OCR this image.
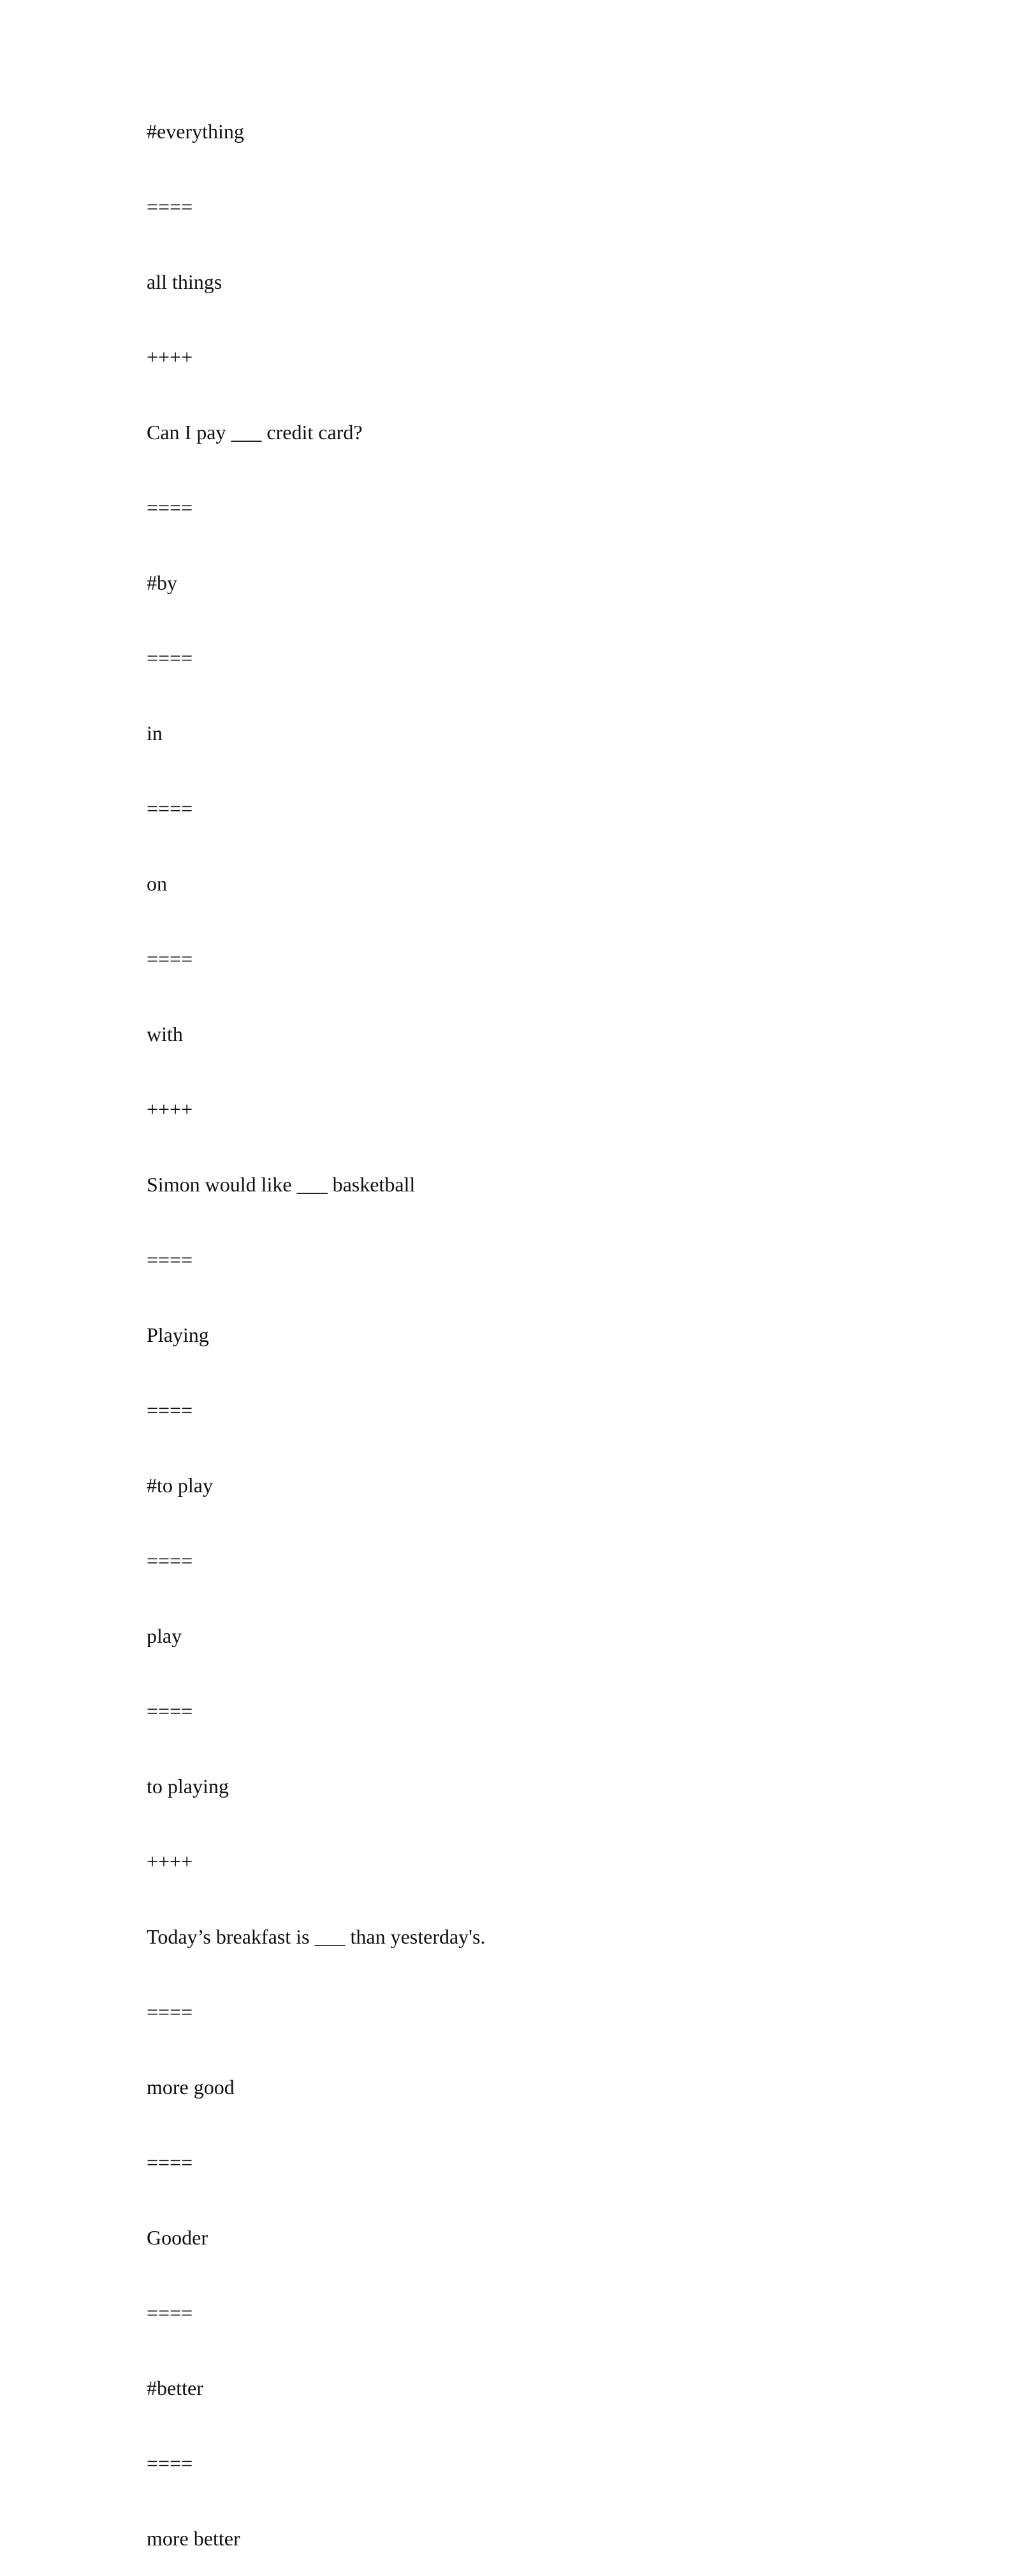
#everything

====

all things

++++

Can I pay ___ credit card?

====

#by

====

in

====

on

====

with

++++

Simon would like ___ basketball

====

Playing

====

#to play

====

play

====

to playing

++++

Today’s breakfast is ___ than yesterday's.

====

more good

====

Gooder

====

#better

====

more better
